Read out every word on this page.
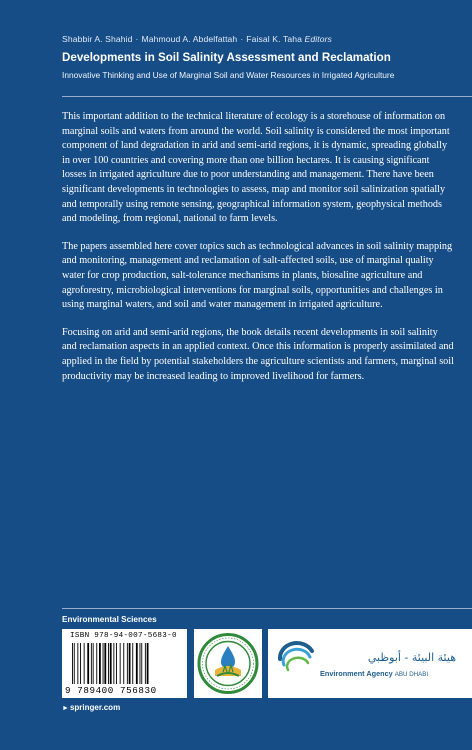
Shabbir A. Shahid · Mahmoud A. Abdelfattah · Faisal K. Taha Editors
Developments in Soil Salinity Assessment and Reclamation
Innovative Thinking and Use of Marginal Soil and Water Resources in Irrigated Agriculture

This important addition to the technical literature of ecology is a storehouse of information on marginal soils and waters from around the world. Soil salinity is considered the most important component of land degradation in arid and semi-arid regions, it is dynamic, spreading globally in over 100 countries and covering more than one billion hectares. It is causing significant losses in irrigated agriculture due to poor understanding and management. There have been significant developments in technologies to assess, map and monitor soil salinization spatially and temporally using remote sensing, geographical information system, geophysical methods and modeling, from regional, national to farm levels.

The papers assembled here cover topics such as technological advances in soil salinity mapping and monitoring, management and reclamation of salt-affected soils, use of marginal quality water for crop production, salt-tolerance mechanisms in plants, biosaline agriculture and agroforestry, microbiological interventions for marginal soils, opportunities and challenges in using marginal waters, and soil and water management in irrigated agriculture.

Focusing on arid and semi-arid regions, the book details recent developments in soil salinity and reclamation aspects in an applied context. Once this information is properly assimilated and applied in the field by potential stakeholders the agriculture scientists and farmers, marginal soil productivity may be increased leading to improved livelihood for farmers.

Environmental Sciences
ISBN 978-94-007-5683-0
9 789400 756830
هيئة البيئة - أبوظبي
Environment Agency ABU DHABI
►springer.com
